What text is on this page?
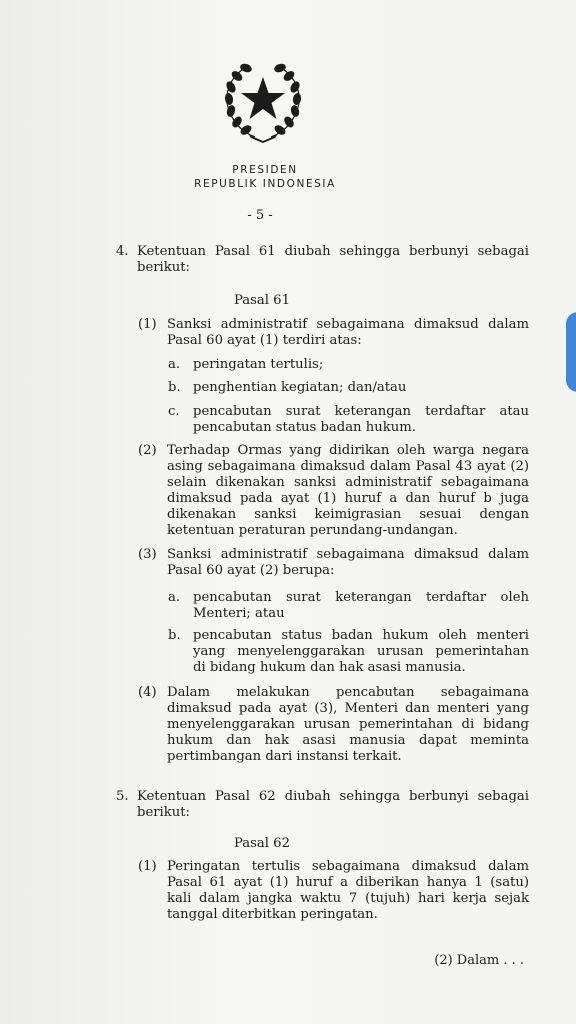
PRESIDEN
REPUBLIK INDONESIA
- 5 -
4. Ketentuan Pasal 61 diubah sehingga berbunyi sebagai
berikut:
Pasal 61
(1) Sanksi administratif sebagaimana dimaksud dalam
Pasal 60 ayat (1) terdiri atas:
a. peringatan tertulis;
b. penghentian kegiatan; dan/atau
c. pencabutan surat keterangan terdaftar atau
pencabutan status badan hukum.
(2) Terhadap Ormas yang didirikan oleh warga negara
asing sebagaimana dimaksud dalam Pasal 43 ayat (2)
selain dikenakan sanksi administratif sebagaimana
dimaksud pada ayat (1) huruf a dan huruf b juga
dikenakan sanksi keimigrasian sesuai dengan
ketentuan peraturan perundang-undangan.
(3) Sanksi administratif sebagaimana dimaksud dalam
Pasal 60 ayat (2) berupa:
a. pencabutan surat keterangan terdaftar oleh
Menteri; atau
b. pencabutan status badan hukum oleh menteri
yang menyelenggarakan urusan pemerintahan
di bidang hukum dan hak asasi manusia.
(4) Dalam melakukan pencabutan sebagaimana
dimaksud pada ayat (3), Menteri dan menteri yang
menyelenggarakan urusan pemerintahan di bidang
hukum dan hak asasi manusia dapat meminta
pertimbangan dari instansi terkait.
5. Ketentuan Pasal 62 diubah sehingga berbunyi sebagai
berikut:
Pasal 62
(1) Peringatan tertulis sebagaimana dimaksud dalam
Pasal 61 ayat (1) huruf a diberikan hanya 1 (satu)
kali dalam jangka waktu 7 (tujuh) hari kerja sejak
tanggal diterbitkan peringatan.
(2) Dalam . . .
